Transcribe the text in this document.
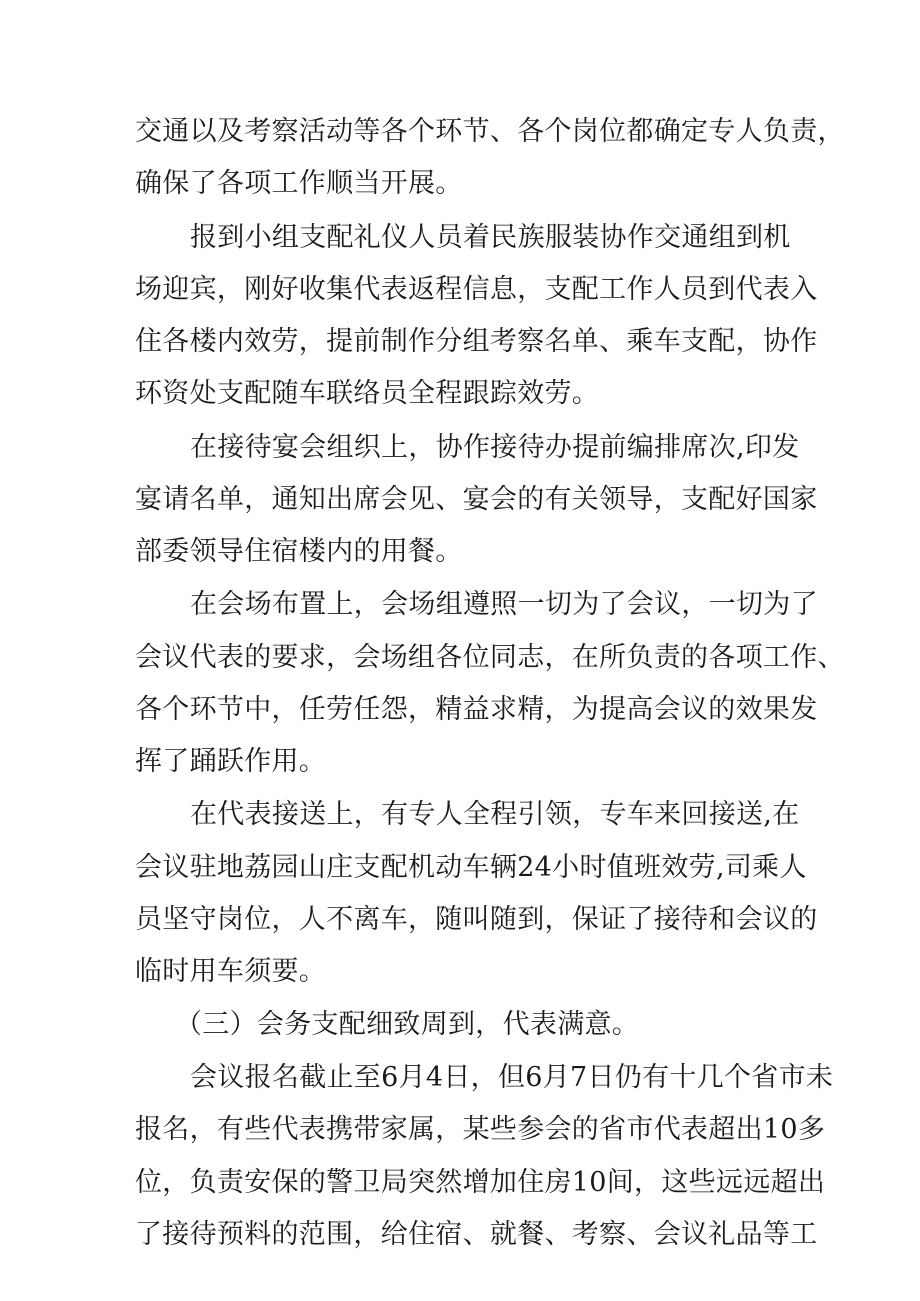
交通以及考察活动等各个环节、各个岗位都确定专人负责，
确保了各项工作顺当开展。
报到小组支配礼仪人员着民族服装协作交通组到机
场迎宾，刚好收集代表返程信息，支配工作人员到代表入
住各楼内效劳，提前制作分组考察名单、乘车支配，协作
环资处支配随车联络员全程跟踪效劳。
在接待宴会组织上，协作接待办提前编排席次,印发
宴请名单，通知出席会见、宴会的有关领导，支配好国家
部委领导住宿楼内的用餐。
在会场布置上，会场组遵照一切为了会议，一切为了
会议代表的要求，会场组各位同志，在所负责的各项工作、
各个环节中，任劳任怨，精益求精，为提高会议的效果发
挥了踊跃作用。
在代表接送上，有专人全程引领，专车来回接送,在
会议驻地荔园山庄支配机动车辆24小时值班效劳,司乘人
员坚守岗位，人不离车，随叫随到，保证了接待和会议的
临时用车须要。
（三）会务支配细致周到，代表满意。
会议报名截止至6月4日，但6月7日仍有十几个省市未
报名，有些代表携带家属，某些参会的省市代表超出10多
位，负责安保的警卫局突然增加住房10间，这些远远超出
了接待预料的范围，给住宿、就餐、考察、会议礼品等工
